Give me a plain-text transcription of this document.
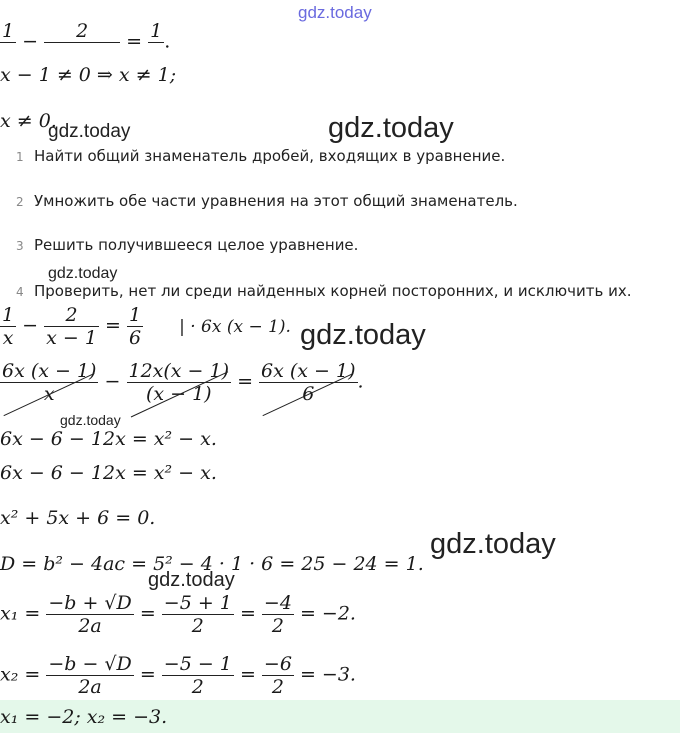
gdz.today
1 −	2	= 1 .
x − 1 ≠ 0 ⇒ x ≠ 1;
x ≠ 0.
gdz.today	gdz.today
1 Найти общий знаменатель дробей, входящих в уравнение.
2 Умножить обе части уравнения на этот общий знаменатель.
3 Решить получившееся целое уравнение.
gdz.today
4 Проверить, нет ли среди найденных корней посторонних, и исключить их.
$\frac{1}{x} - \frac{2}{x - 1} = \frac{1}{6}$ | · 6x (x − 1). gdz.today
$\frac{6x (x - 1)}{x} - \frac{12x(x - 1)}{(x - 1)} = \frac{6x (x - 1)}{6}$ .
gdz.today
6x − 6 − 12x = x² − x.
6x − 6 − 12x = x² − x.
x² + 5x + 6 = 0.
gdz.today
D = b² − 4ac = 5² − 4 · 1 · 6 = 25 − 24 = 1.
gdz.today
$x_1 = \frac{-b + √D}{2a} = \frac{-5 + 1}{2} = \frac{-4}{2} = -2$.
$x_2 = \frac{-b - √D}{2a} = \frac{-5 - 1}{2} = \frac{-6}{2} = -3$.
x₁ = −2; x₂ = −3.
